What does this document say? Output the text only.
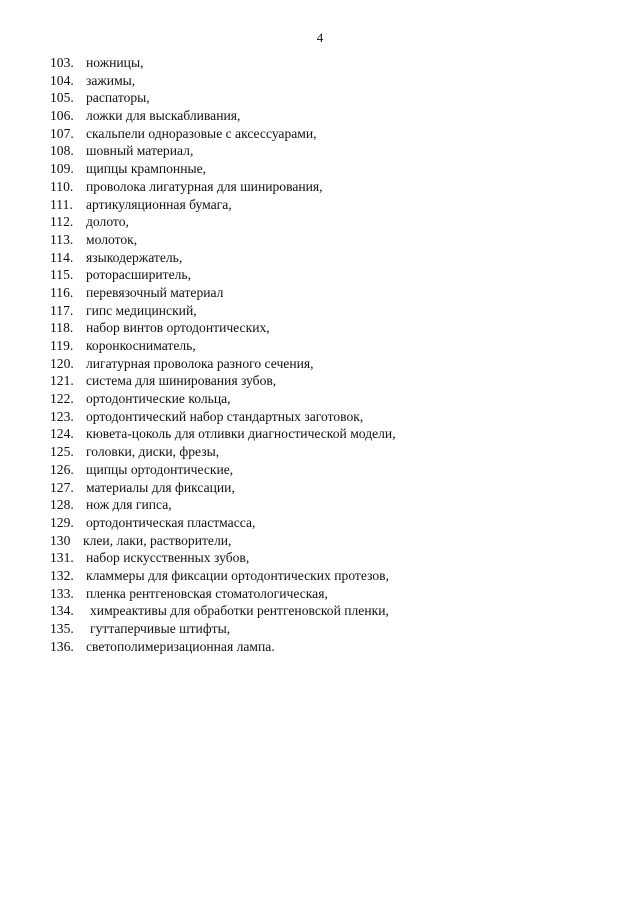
4
103. ножницы,
104. зажимы,
105. распаторы,
106. ложки для выскабливания,
107. скальпели одноразовые с аксессуарами,
108. шовный материал,
109. щипцы крампонные,
110. проволока лигатурная для шинирования,
111. артикуляционная бумага,
112. долото,
113. молоток,
114. языкодержатель,
115. роторасширитель,
116. перевязочный материал
117. гипс медицинский,
118. набор винтов ортодонтических,
119. коронкосниматель,
120. лигатурная проволока разного сечения,
121. система для шинирования зубов,
122. ортодонтические кольца,
123. ортодонтический набор стандартных заготовок,
124. кювета-цоколь для отливки диагностической модели,
125. головки, диски, фрезы,
126. щипцы ортодонтические,
127. материалы для фиксации,
128. нож для гипса,
129. ортодонтическая пластмасса,
130 клеи, лаки, растворители,
131. набор искусственных зубов,
132. кламмеры для фиксации ортодонтических протезов,
133. пленка рентгеновская стоматологическая,
134. химреактивы для обработки рентгеновской пленки,
135. гуттаперчивые штифты,
136. светополимеризационная лампа.
